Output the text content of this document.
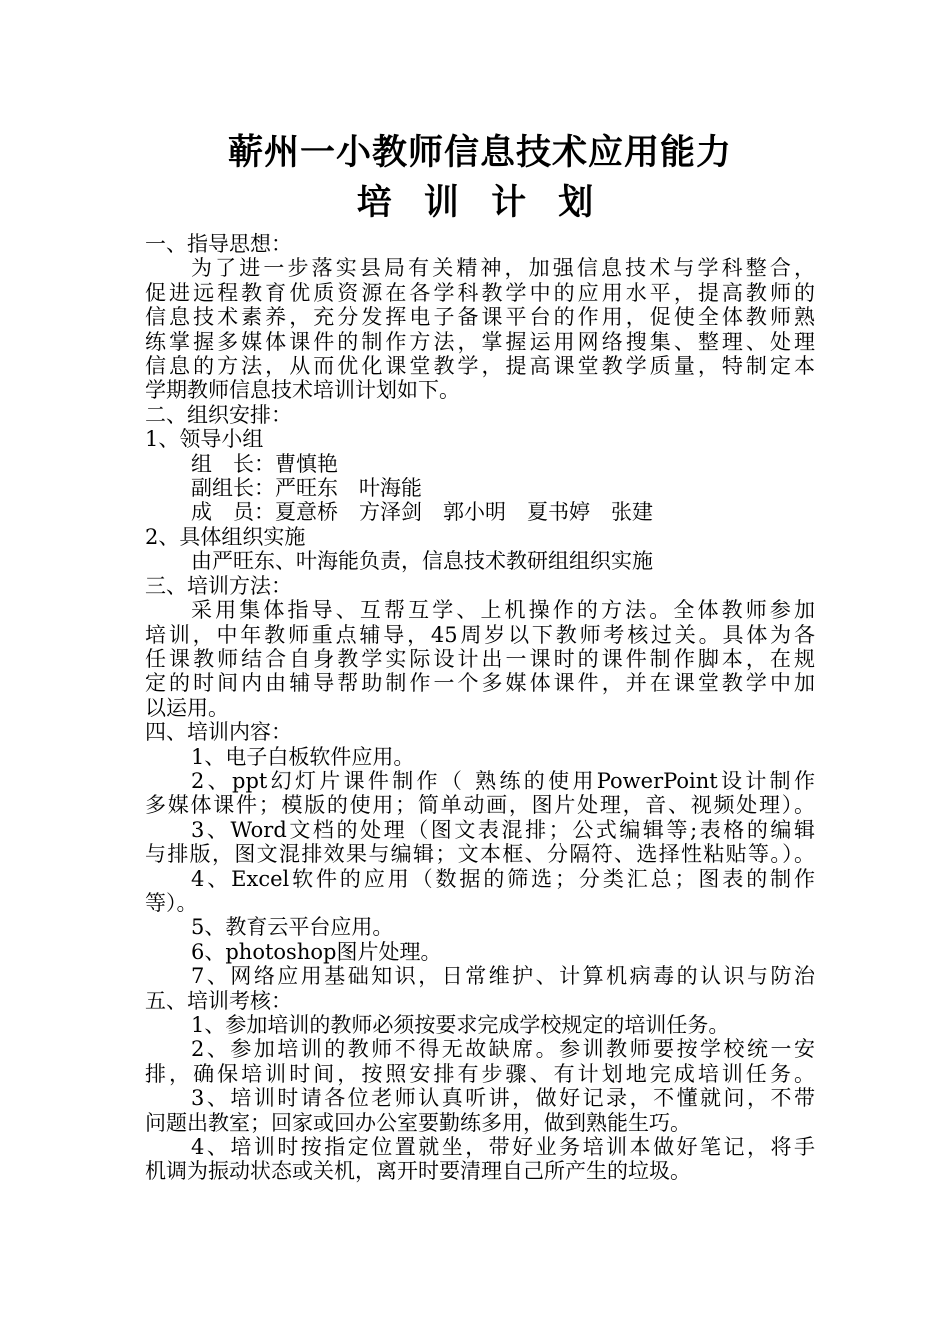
蕲州一小教师信息技术应用能力
培 训 计 划
一、指导思想：
为了进一步落实县局有关精神，加强信息技术与学科整合，
促进远程教育优质资源在各学科教学中的应用水平，提高教师的
信息技术素养，充分发挥电子备课平台的作用，促使全体教师熟
练掌握多媒体课件的制作方法，掌握运用网络搜集、整理、处理
信息的方法，从而优化课堂教学，提高课堂教学质量，特制定本
学期教师信息技术培训计划如下。
二、组织安排：
1、领导小组
组　长：曹慎艳
副组长：严旺东　叶海能
成　员：夏意桥　方泽剑　郭小明　夏书婷　张建
2、具体组织实施
由严旺东、叶海能负责，信息技术教研组组织实施
三、培训方法：
采用集体指导、互帮互学、上机操作的方法。全体教师参加
培训，中年教师重点辅导，45周岁以下教师考核过关。具体为各
任课教师结合自身教学实际设计出一课时的课件制作脚本，在规
定的时间内由辅导帮助制作一个多媒体课件，并在课堂教学中加
以运用。
四、培训内容：
1、电子白板软件应用。
2、ppt幻灯片课件制作（ 熟练的使用PowerPoint设计制作
多媒体课件；模版的使用；简单动画，图片处理，音、视频处理）。
3、Word文档的处理（图文表混排；公式编辑等;表格的编辑
与排版，图文混排效果与编辑；文本框、分隔符、选择性粘贴等。）。
4、Excel软件的应用（数据的筛选；分类汇总；图表的制作
等）。
5、教育云平台应用。
6、photoshop图片处理。
7、网络应用基础知识，日常维护、计算机病毒的认识与防治
五、培训考核：
1、参加培训的教师必须按要求完成学校规定的培训任务。
2、参加培训的教师不得无故缺席。参训教师要按学校统一安
排，确保培训时间，按照安排有步骤、有计划地完成培训任务。
3、培训时请各位老师认真听讲，做好记录，不懂就问，不带
问题出教室；回家或回办公室要勤练多用，做到熟能生巧。
4、培训时按指定位置就坐，带好业务培训本做好笔记，将手
机调为振动状态或关机，离开时要清理自己所产生的垃圾。
